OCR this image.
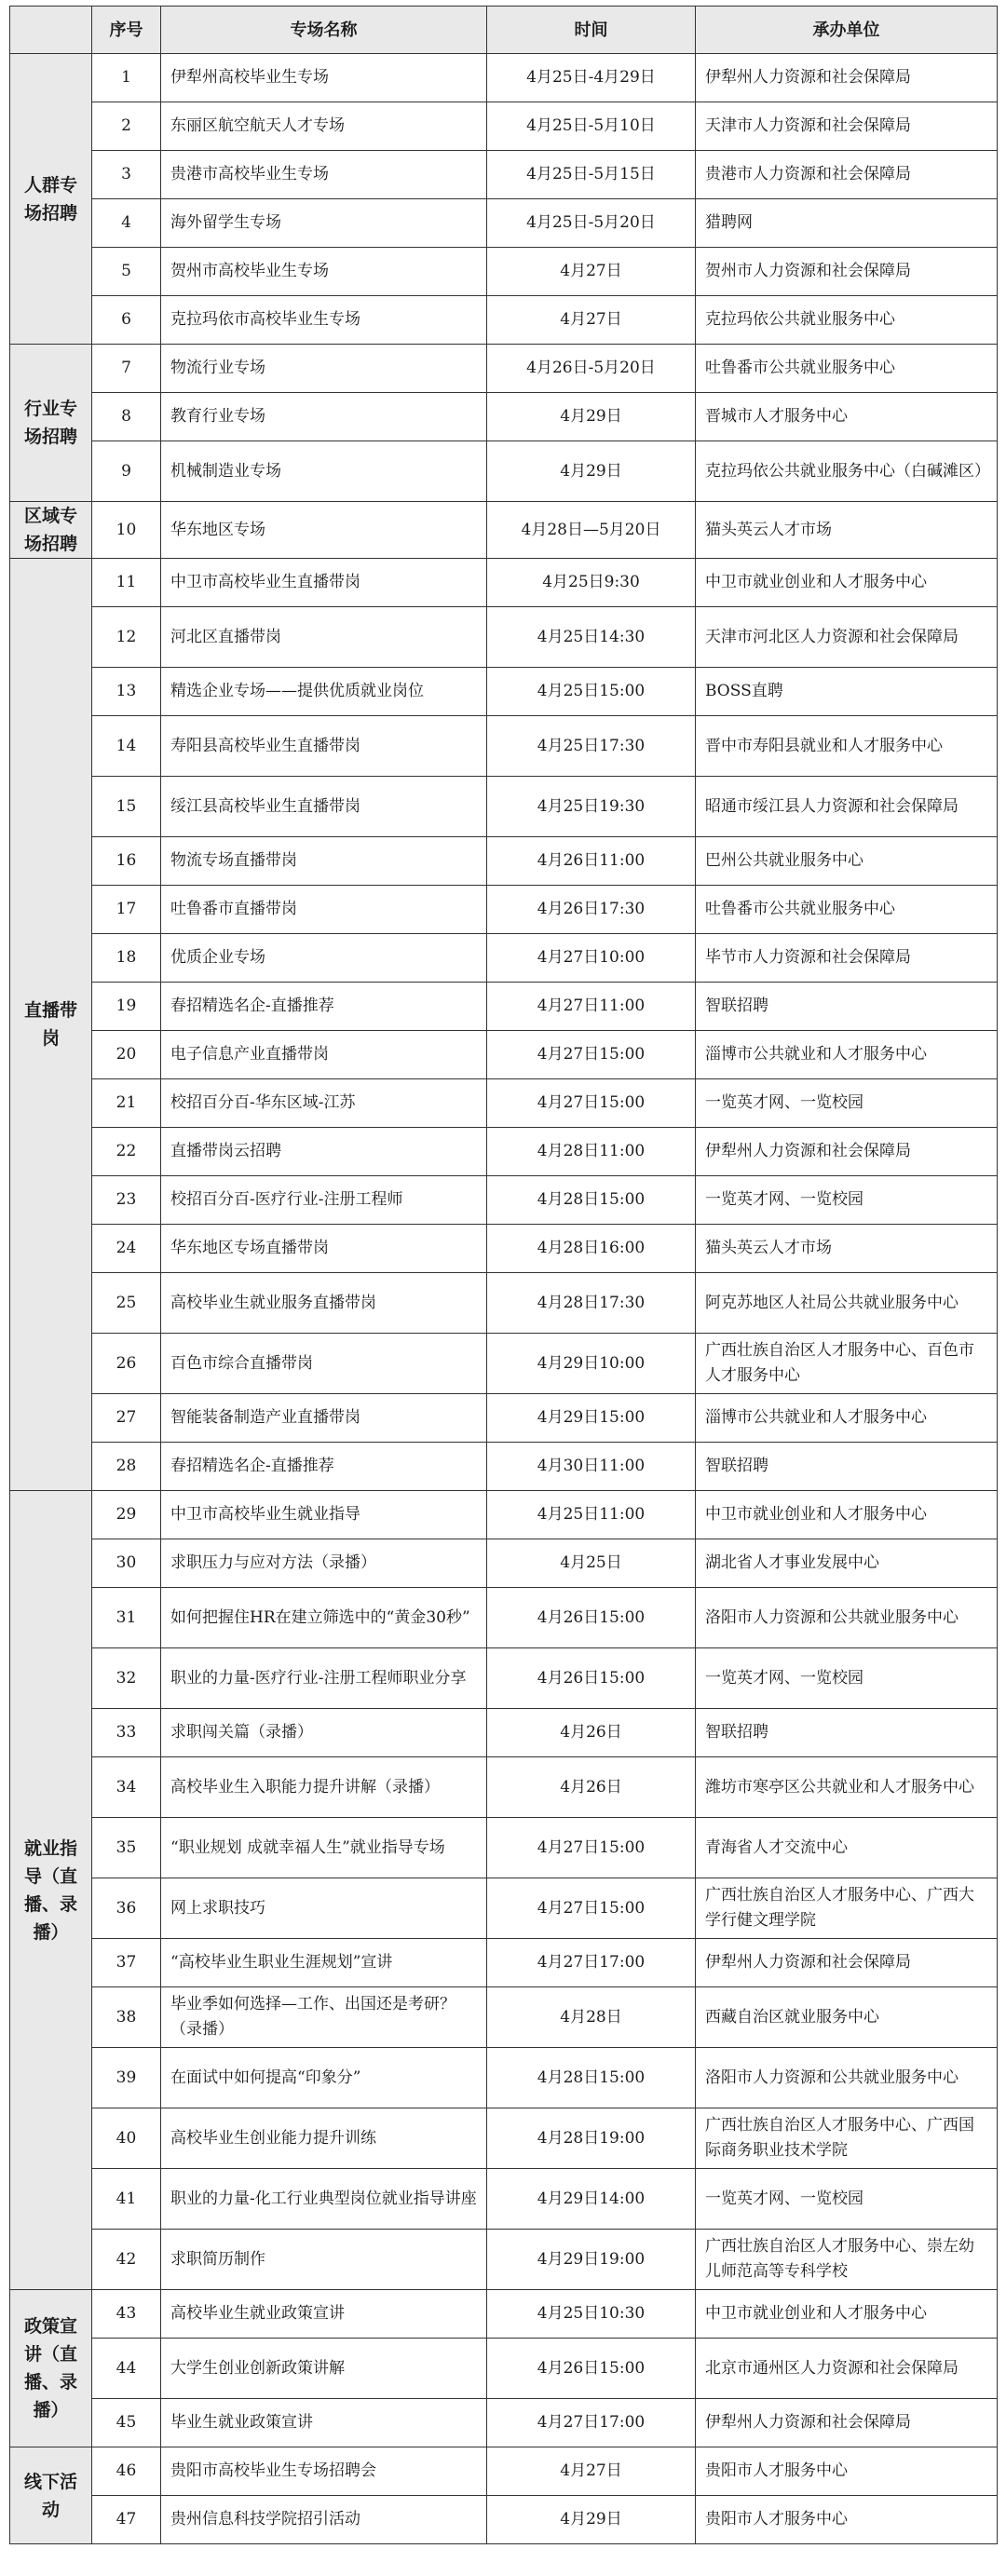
	序号	专场名称	时间	承办单位
人群专场招聘	1	伊犁州高校毕业生专场	4月25日-4月29日	伊犁州人力资源和社会保障局
	2	东丽区航空航天人才专场	4月25日-5月10日	天津市人力资源和社会保障局
	3	贵港市高校毕业生专场	4月25日-5月15日	贵港市人力资源和社会保障局
	4	海外留学生专场	4月25日-5月20日	猎聘网
	5	贺州市高校毕业生专场	4月27日	贺州市人力资源和社会保障局
	6	克拉玛依市高校毕业生专场	4月27日	克拉玛依公共就业服务中心
行业专场招聘	7	物流行业专场	4月26日-5月20日	吐鲁番市公共就业服务中心
	8	教育行业专场	4月29日	晋城市人才服务中心
	9	机械制造业专场	4月29日	克拉玛依公共就业服务中心（白碱滩区）
区域专场招聘	10	华东地区专场	4月28日—5月20日	猫头英云人才市场
直播带岗	11	中卫市高校毕业生直播带岗	4月25日9:30	中卫市就业创业和人才服务中心
	12	河北区直播带岗	4月25日14:30	天津市河北区人力资源和社会保障局
	13	精选企业专场——提供优质就业岗位	4月25日15:00	BOSS直聘
	14	寿阳县高校毕业生直播带岗	4月25日17:30	晋中市寿阳县就业和人才服务中心
	15	绥江县高校毕业生直播带岗	4月25日19:30	昭通市绥江县人力资源和社会保障局
	16	物流专场直播带岗	4月26日11:00	巴州公共就业服务中心
	17	吐鲁番市直播带岗	4月26日17:30	吐鲁番市公共就业服务中心
	18	优质企业专场	4月27日10:00	毕节市人力资源和社会保障局
	19	春招精选名企-直播推荐	4月27日11:00	智联招聘
	20	电子信息产业直播带岗	4月27日15:00	淄博市公共就业和人才服务中心
	21	校招百分百-华东区域-江苏	4月27日15:00	一览英才网、一览校园
	22	直播带岗云招聘	4月28日11:00	伊犁州人力资源和社会保障局
	23	校招百分百-医疗行业-注册工程师	4月28日15:00	一览英才网、一览校园
	24	华东地区专场直播带岗	4月28日16:00	猫头英云人才市场
	25	高校毕业生就业服务直播带岗	4月28日17:30	阿克苏地区人社局公共就业服务中心
	26	百色市综合直播带岗	4月29日10:00	广西壮族自治区人才服务中心、百色市人才服务中心
	27	智能装备制造产业直播带岗	4月29日15:00	淄博市公共就业和人才服务中心
	28	春招精选名企-直播推荐	4月30日11:00	智联招聘
就业指导（直播、录播）	29	中卫市高校毕业生就业指导	4月25日11:00	中卫市就业创业和人才服务中心
	30	求职压力与应对方法（录播）	4月25日	湖北省人才事业发展中心
	31	如何把握住HR在建立筛选中的“黄金30秒”	4月26日15:00	洛阳市人力资源和公共就业服务中心
	32	职业的力量-医疗行业-注册工程师职业分享	4月26日15:00	一览英才网、一览校园
	33	求职闯关篇（录播）	4月26日	智联招聘
	34	高校毕业生入职能力提升讲解（录播）	4月26日	潍坊市寒亭区公共就业和人才服务中心
	35	“职业规划 成就幸福人生”就业指导专场	4月27日15:00	青海省人才交流中心
	36	网上求职技巧	4月27日15:00	广西壮族自治区人才服务中心、广西大学行健文理学院
	37	“高校毕业生职业生涯规划”宣讲	4月27日17:00	伊犁州人力资源和社会保障局
	38	毕业季如何选择—工作、出国还是考研？（录播）	4月28日	西藏自治区就业服务中心
	39	在面试中如何提高“印象分”	4月28日15:00	洛阳市人力资源和公共就业服务中心
	40	高校毕业生创业能力提升训练	4月28日19:00	广西壮族自治区人才服务中心、广西国际商务职业技术学院
	41	职业的力量-化工行业典型岗位就业指导讲座	4月29日14:00	一览英才网、一览校园
	42	求职简历制作	4月29日19:00	广西壮族自治区人才服务中心、崇左幼儿师范高等专科学校
政策宣讲（直播、录播）	43	高校毕业生就业政策宣讲	4月25日10:30	中卫市就业创业和人才服务中心
	44	大学生创业创新政策讲解	4月26日15:00	北京市通州区人力资源和社会保障局
	45	毕业生就业政策宣讲	4月27日17:00	伊犁州人力资源和社会保障局
线下活动	46	贵阳市高校毕业生专场招聘会	4月27日	贵阳市人才服务中心
	47	贵州信息科技学院招引活动	4月29日	贵阳市人才服务中心
